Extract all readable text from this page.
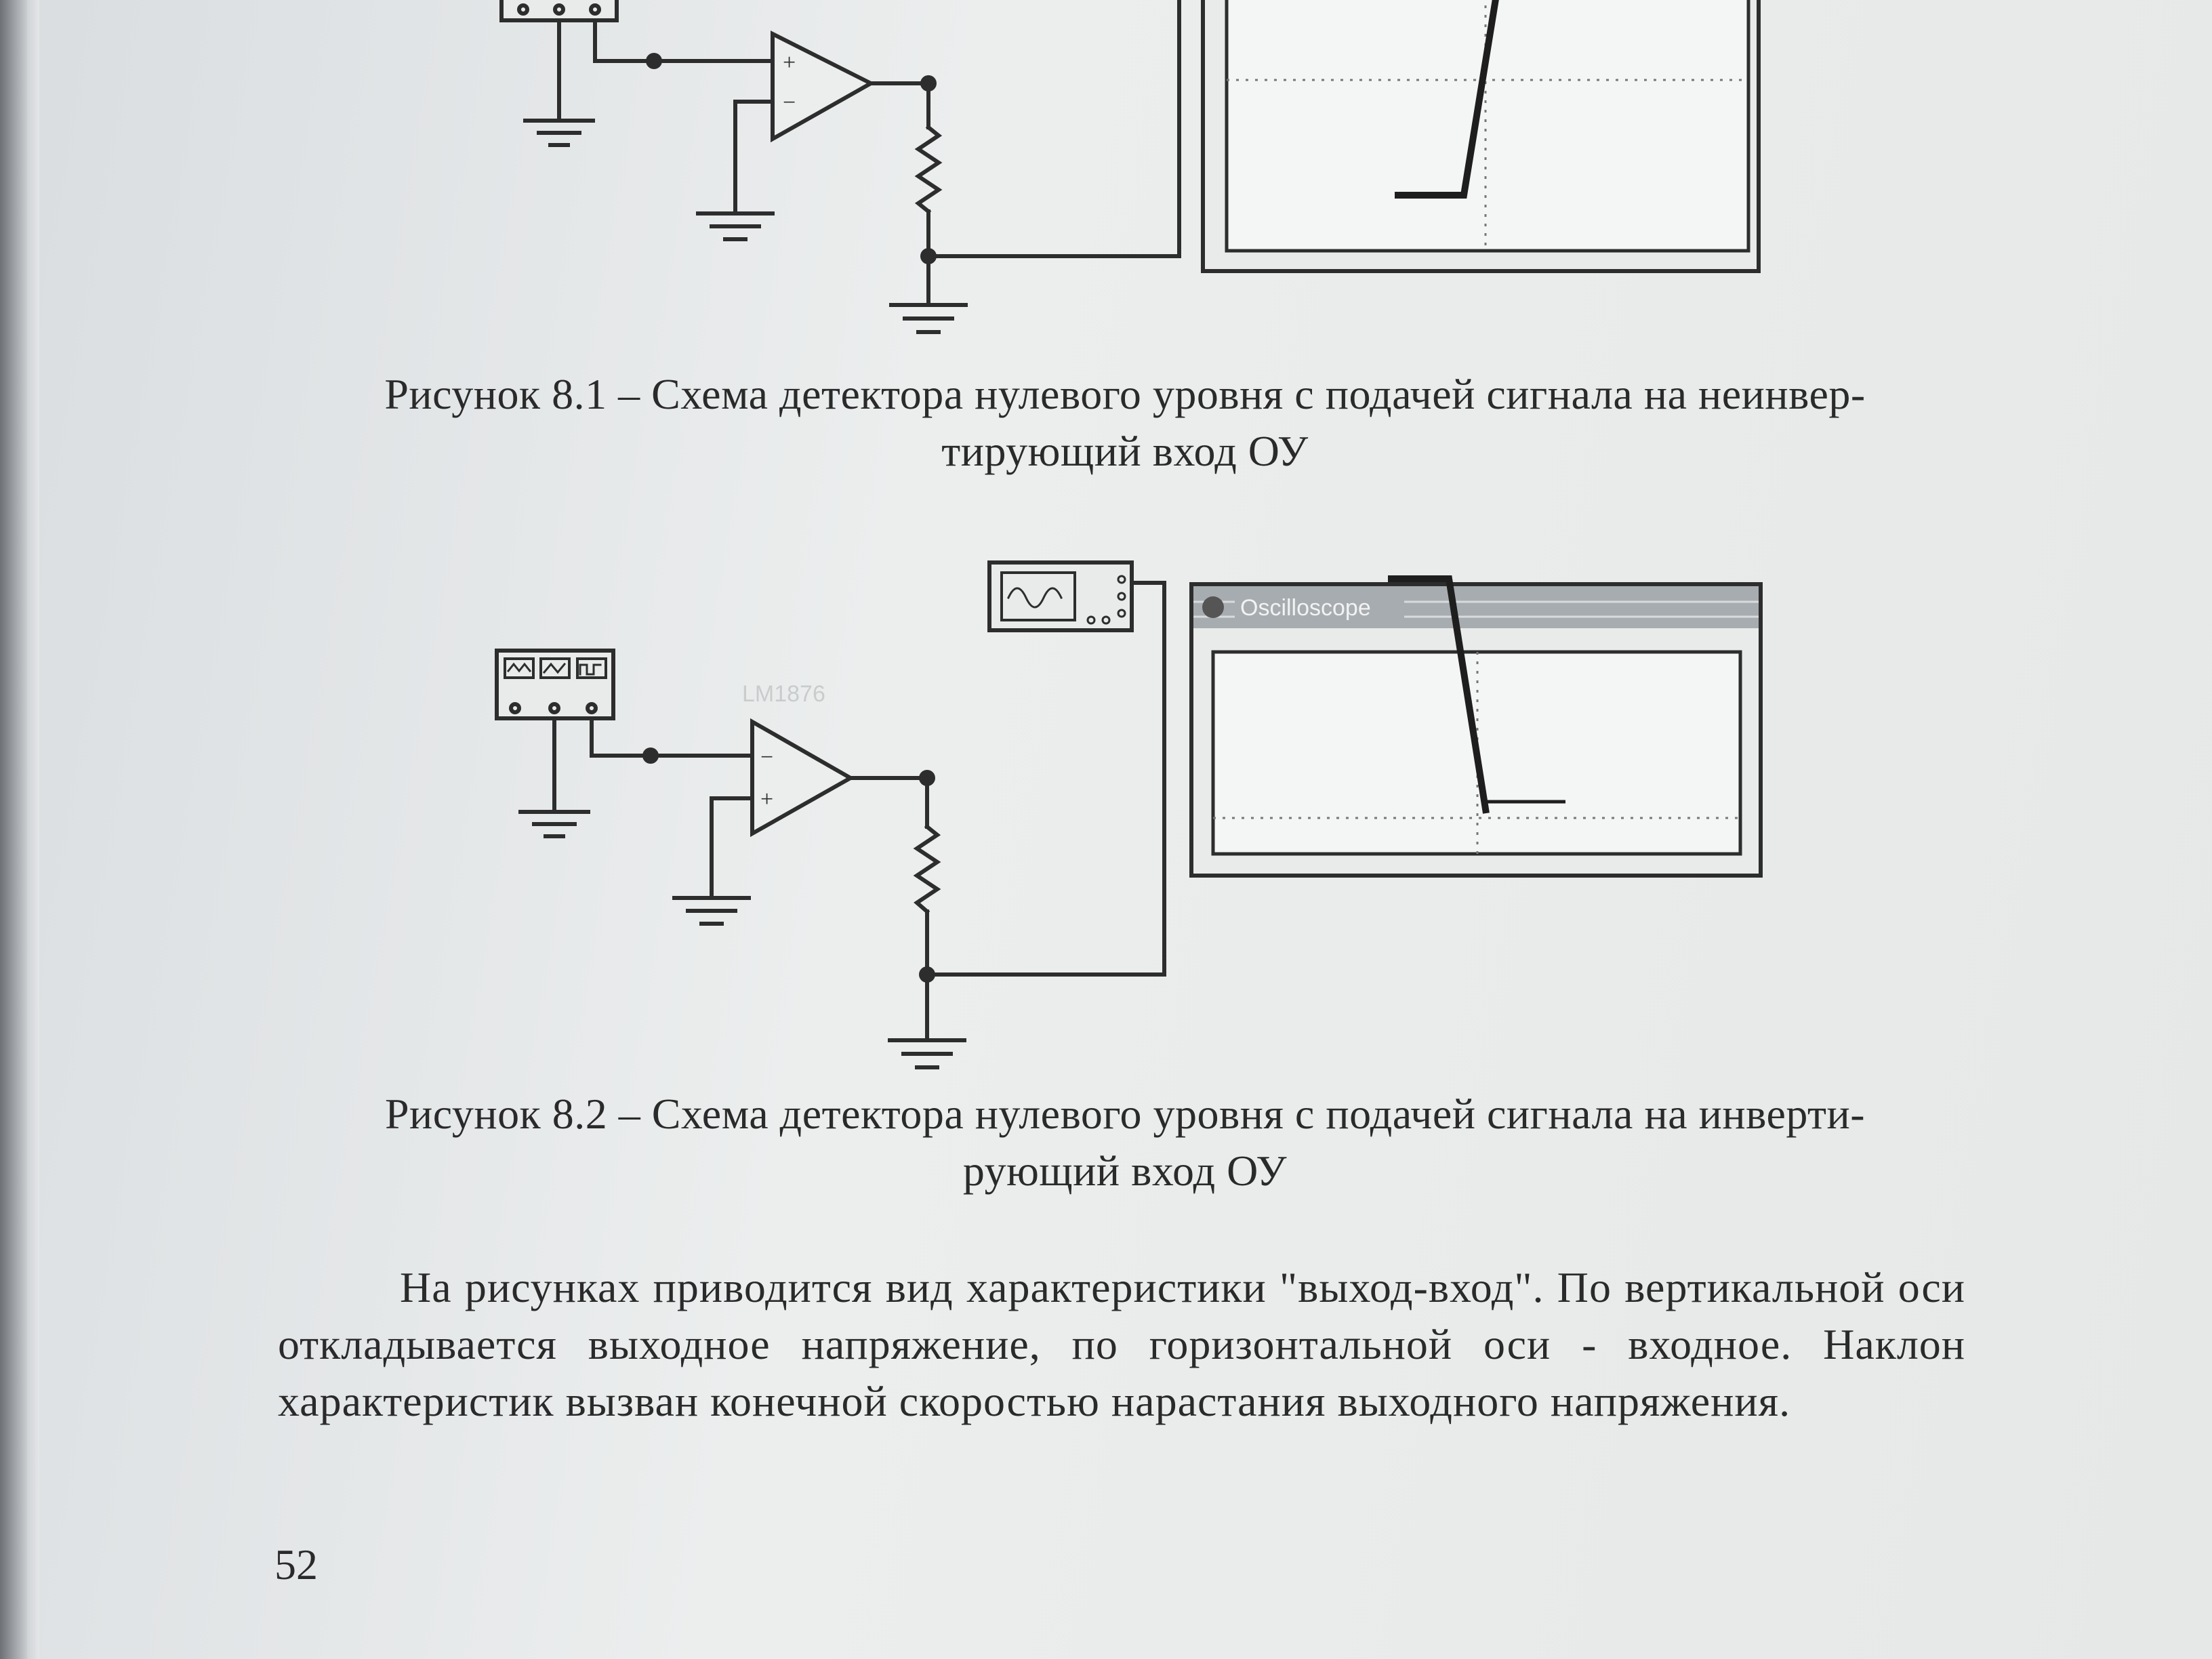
+
−
Рисунок 8.1 – Схема детектора нулевого уровня с подачей сигнала на неинвер-
тирующий вход ОУ
−
+
LM1876
Oscilloscope
Рисунок 8.2 – Схема детектора нулевого уровня с подачей сигнала на инверти-
рующий вход ОУ
На рисунках приводится вид характеристики "выход-вход". По вертикальной оси откладывается выходное напряжение, по горизонтальной оси - входное. Наклон характеристик вызван конечной скоростью нарастания выходного напряжения.
52
